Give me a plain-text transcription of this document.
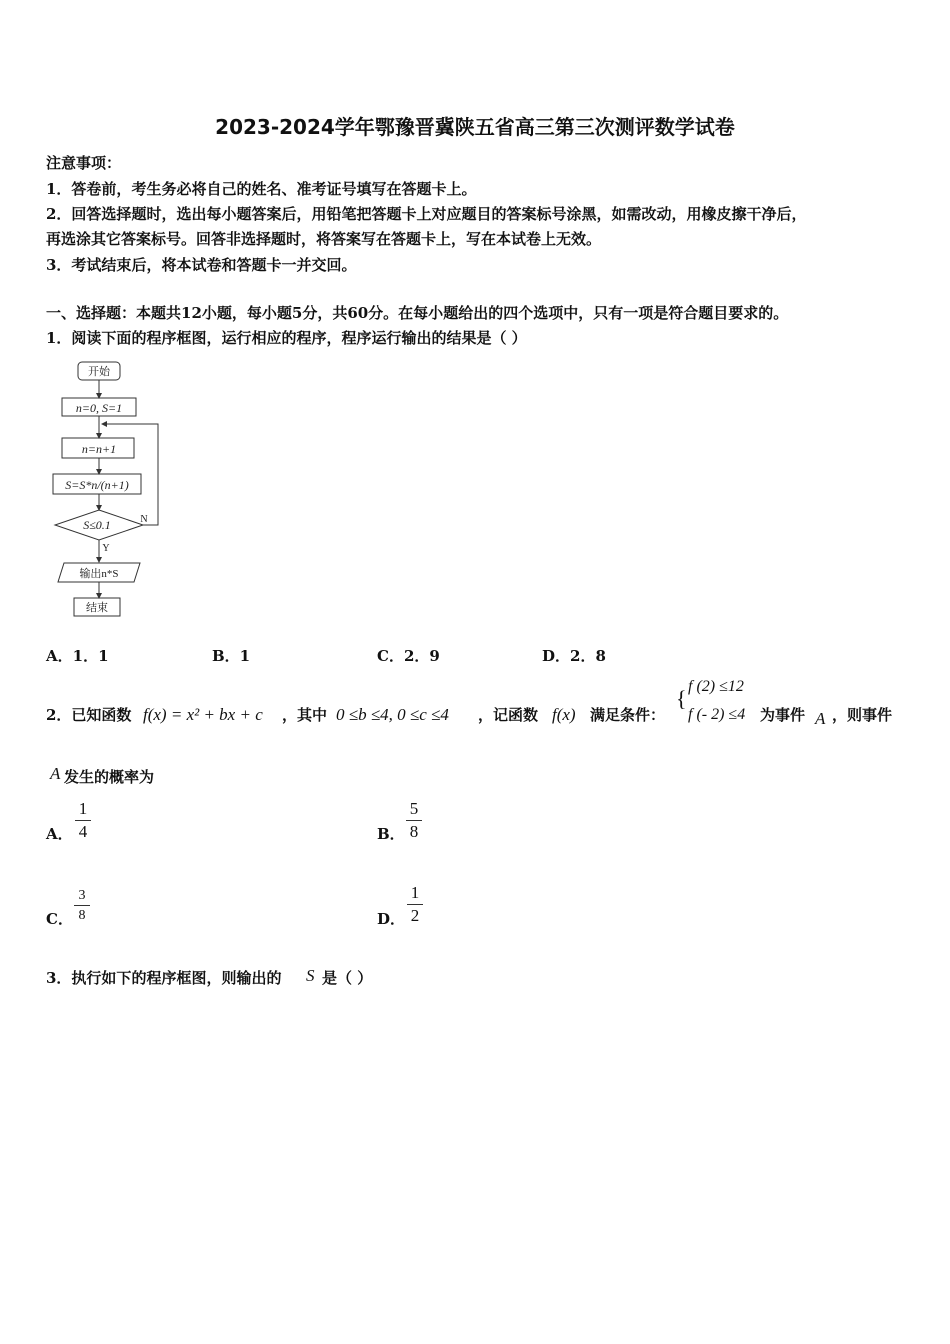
2023-2024学年鄂豫晋冀陕五省高三第三次测评数学试卷
注意事项：
1．答卷前，考生务必将自己的姓名、准考证号填写在答题卡上。
2．回答选择题时，选出每小题答案后，用铅笔把答题卡上对应题目的答案标号涂黑，如需改动，用橡皮擦干净后，
再选涂其它答案标号。回答非选择题时，将答案写在答题卡上，写在本试卷上无效。
3．考试结束后，将本试卷和答题卡一并交回。
一、选择题：本题共12小题，每小题5分，共60分。在每小题给出的四个选项中，只有一项是符合题目要求的。
1．阅读下面的程序框图，运行相应的程序，程序运行输出的结果是（ ）
开始
n=0, S=1
n=n+1
S=S*n/(n+1)
S≤0.1	N
Y
输出n*S
结束
A．1．1	B．1	C．2．9	D．2．8
2．已知函数 f(x) = x² + bx + c ，其中 0 ≤b ≤4, 0 ≤c ≤4 ，记函数 f(x) 满足条件：
{ f (2) ≤12
f (- 2) ≤4 为事件 A ，则事件
A 发生的概率为
A．
1
4	B．
5
8
C．
3
8	D．
1
2
3．执行如下的程序框图，则输出的 S 是（ ）
